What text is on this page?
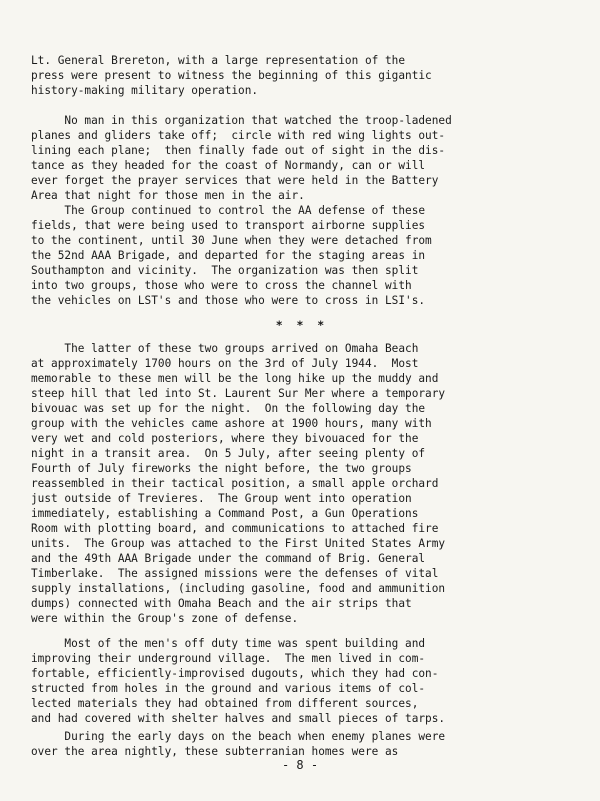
Lt. General Brereton, with a large representation of the
press were present to witness the beginning of this gigantic
history-making military operation.
No man in this organization that watched the troop-ladened
planes and gliders take off;  circle with red wing lights out-
lining each plane;  then finally fade out of sight in the dis-
tance as they headed for the coast of Normandy, can or will
ever forget the prayer services that were held in the Battery
Area that night for those men in the air.
The Group continued to control the AA defense of these
fields, that were being used to transport airborne supplies
to the continent, until 30 June when they were detached from
the 52nd AAA Brigade, and departed for the staging areas in
Southampton and vicinity.  The organization was then split
into two groups, those who were to cross the channel with
the vehicles on LST's and those who were to cross in LSI's.
*  *  *
The latter of these two groups arrived on Omaha Beach
at approximately 1700 hours on the 3rd of July 1944.  Most
memorable to these men will be the long hike up the muddy and
steep hill that led into St. Laurent Sur Mer where a temporary
bivouac was set up for the night.  On the following day the
group with the vehicles came ashore at 1900 hours, many with
very wet and cold posteriors, where they bivouaced for the
night in a transit area.  On 5 July, after seeing plenty of
Fourth of July fireworks the night before, the two groups
reassembled in their tactical position, a small apple orchard
just outside of Trevieres.  The Group went into operation
immediately, establishing a Command Post, a Gun Operations
Room with plotting board, and communications to attached fire
units.  The Group was attached to the First United States Army
and the 49th AAA Brigade under the command of Brig. General
Timberlake.  The assigned missions were the defenses of vital
supply installations, (including gasoline, food and ammunition
dumps) connected with Omaha Beach and the air strips that
were within the Group's zone of defense.
Most of the men's off duty time was spent building and
improving their underground village.  The men lived in com-
fortable, efficiently-improvised dugouts, which they had con-
structed from holes in the ground and various items of col-
lected materials they had obtained from different sources,
and had covered with shelter halves and small pieces of tarps.
During the early days on the beach when enemy planes were
over the area nightly, these subterranian homes were as
- 8 -
